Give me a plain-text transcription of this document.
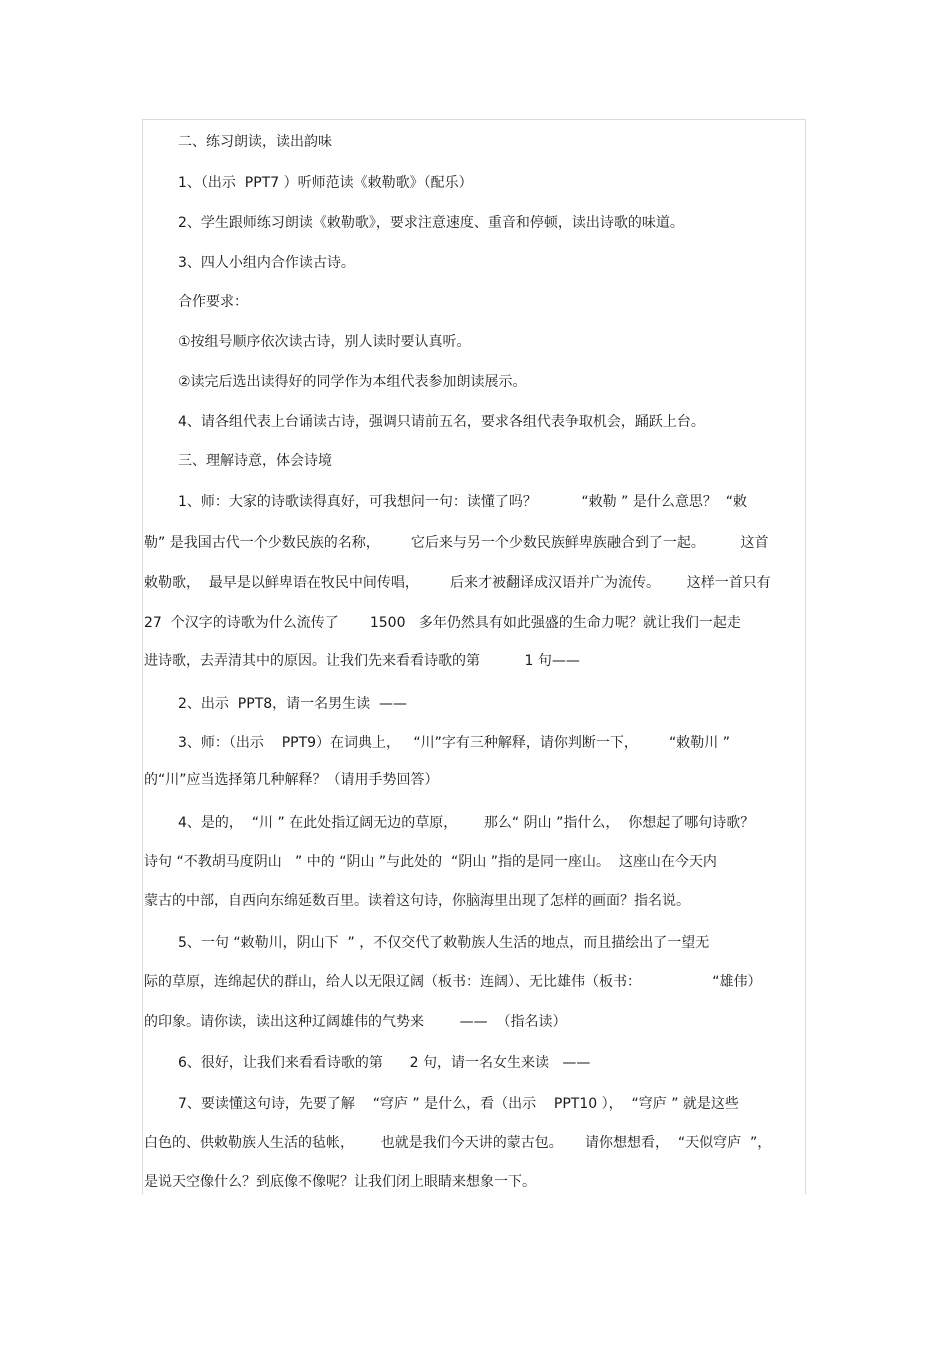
二、练习朗读，读出韵味
1、（出示  PPT7 ）听师范读《敕勒歌》（配乐）
2、学生跟师练习朗读《敕勒歌》，要求注意速度、重音和停顿，读出诗歌的味道。
3、四人小组内合作读古诗。
合作要求：
①按组号顺序依次读古诗，别人读时要认真听。
②读完后选出读得好的同学作为本组代表参加朗读展示。
4、请各组代表上台诵读古诗，强调只请前五名，要求各组代表争取机会，踊跃上台。
三、理解诗意，体会诗境
1、师：大家的诗歌读得真好，可我想问一句：读懂了吗？          “敕勒 ” 是什么意思？  “敕
勒” 是我国古代一个少数民族的名称，       它后来与另一个少数民族鲜卑族融合到了一起。        这首
敕勒歌，  最早是以鲜卑语在牧民中间传唱，       后来才被翻译成汉语并广为流传。      这样一首只有
27  个汉字的诗歌为什么流传了       1500   多年仍然具有如此强盛的生命力呢？就让我们一起走
进诗歌，去弄清其中的原因。让我们先来看看诗歌的第          1 句——
2、出示  PPT8，请一名男生读  ——
3、师：（出示    PPT9）在词典上，   “川”字有三种解释，请你判断一下，       “敕勒川 ”
的“川”应当选择第几种解释？（请用手势回答）
4、是的，  “川 ” 在此处指辽阔无边的草原，      那么“ 阴山 ”指什么，  你想起了哪句诗歌？
诗句 “不教胡马度阴山   ” 中的 “阴山 ”与此处的  “阴山 ”指的是同一座山。  这座山在今天内
蒙古的中部，自西向东绵延数百里。读着这句诗，你脑海里出现了怎样的画面？指名说。
5、一句 “敕勒川，阴山下  ” ，不仅交代了敕勒族人生活的地点，而且描绘出了一望无
际的草原，连绵起伏的群山，给人以无限辽阔（板书：连阔）、无比雄伟（板书：                “雄伟）
的印象。请你读，读出这种辽阔雄伟的气势来        ——  （指名读）
6、很好，让我们来看看诗歌的第      2 句，请一名女生来读   ——
7、要读懂这句诗，先要了解    “穹庐 ” 是什么，看（出示    PPT10 ），  “穹庐 ” 就是这些
白色的、供敕勒族人生活的毡帐，      也就是我们今天讲的蒙古包。     请你想想看，  “天似穹庐  ”，
是说天空像什么？到底像不像呢？让我们闭上眼睛来想象一下。
